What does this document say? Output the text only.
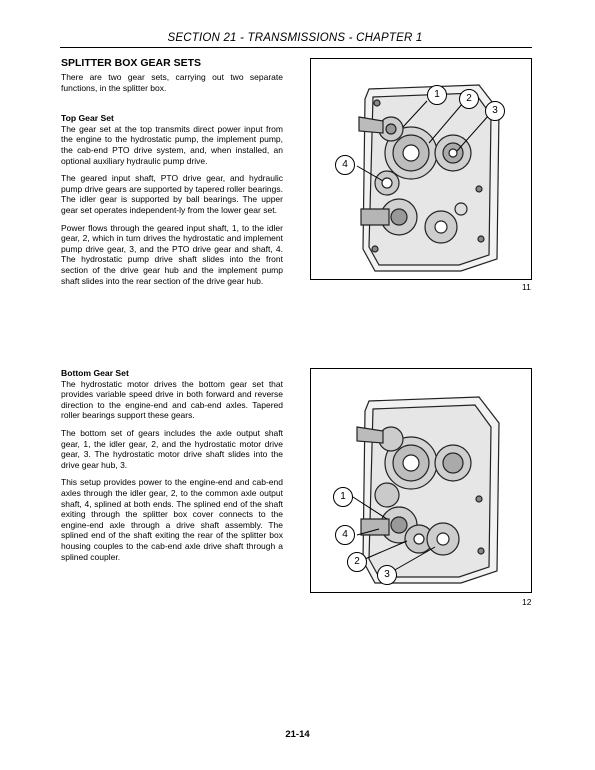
SECTION 21 - TRANSMISSIONS - CHAPTER 1
SPLITTER BOX GEAR SETS

There are two gear sets, carrying out two separate functions, in the splitter box.

Top Gear Set

The gear set at the top transmits direct power input from the engine to the hydrostatic pump, the implement pump, the cab-end PTO drive system, and, when installed, an optional auxiliary hydraulic pump drive.

The geared input shaft, PTO drive gear, and hydraulic pump drive gears are supported by tapered roller bearings. The idler gear is supported by ball bearings. The upper gear set operates independent-ly from the lower gear set.

Power flows through the geared input shaft, 1, to the idler gear, 2, which in turn drives the hydrostatic and implement pump drive gear, 3, and the PTO drive gear and shaft, 4. The hydrostatic pump drive shaft slides into the front section of the drive gear hub and the implement pump shaft slides into the rear section of the drive gear hub.

1	2
3
4
11
Bottom Gear Set

The hydrostatic motor drives the bottom gear set that provides variable speed drive in both forward and reverse direction to the engine-end and cab-end axles. Tapered roller bearings support these gears.

The bottom set of gears includes the axle output shaft gear, 1, the idler gear, 2, and the hydrostatic motor drive gear, 3. The hydrostatic motor drive shaft slides into the drive gear hub, 3.

This setup provides power to the engine-end and cab-end axles through the idler gear, 2, to the common axle output shaft, 4, splined at both ends. The splined end of the shaft exiting through the splitter box cover connects to the engine-end axle through a drive shaft assembly. The splined end of the shaft exiting the rear of the splitter box housing couples to the cab-end axle drive shaft through a splined coupler.

1
4
2
3
12
21-14
